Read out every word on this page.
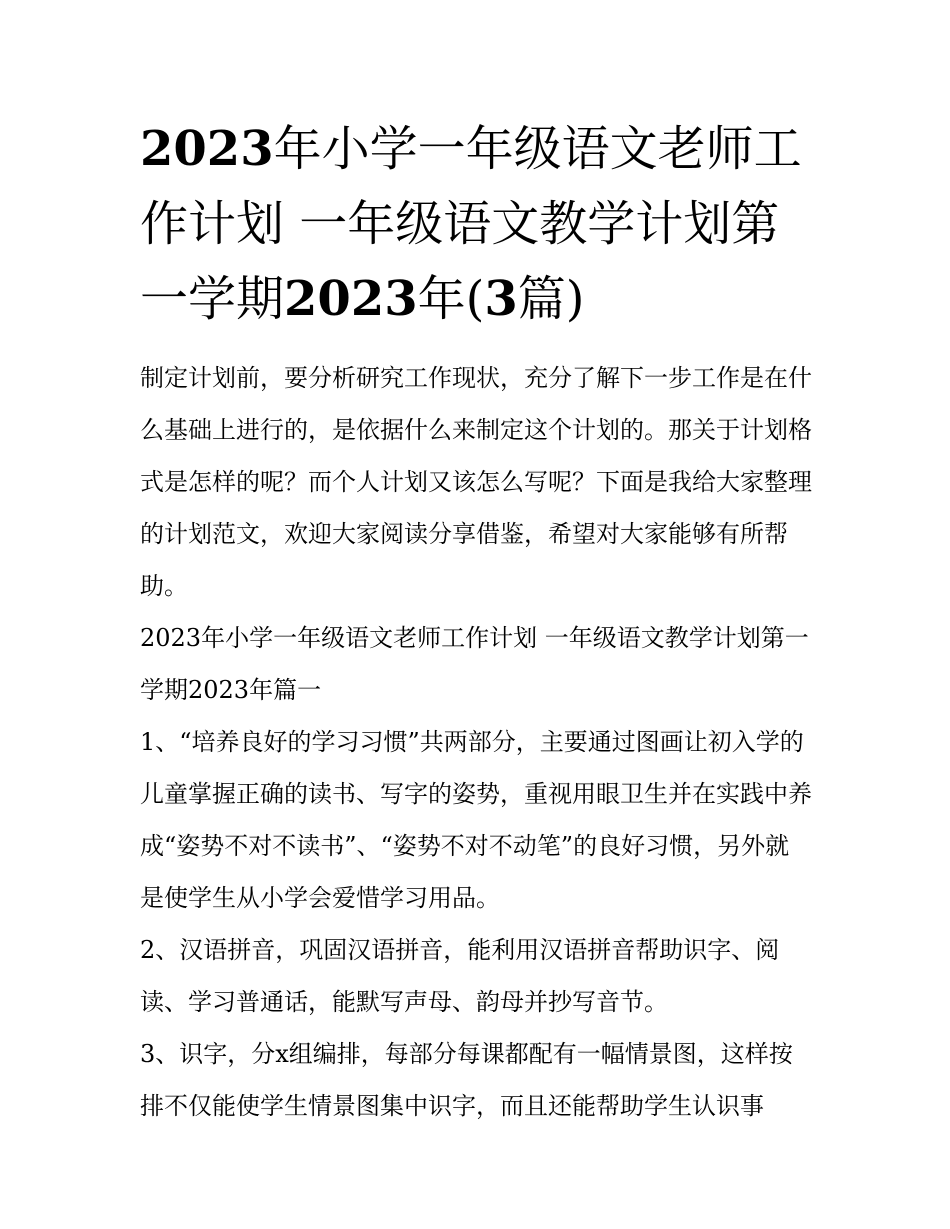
2023年小学一年级语文老师工作计划 一年级语文教学计划第一学期2023年(3篇)

制定计划前，要分析研究工作现状，充分了解下一步工作是在什么基础上进行的，是依据什么来制定这个计划的。那关于计划格式是怎样的呢？而个人计划又该怎么写呢？下面是我给大家整理的计划范文，欢迎大家阅读分享借鉴，希望对大家能够有所帮助。

2023年小学一年级语文老师工作计划 一年级语文教学计划第一学期2023年篇一

1、“培养良好的学习习惯”共两部分，主要通过图画让初入学的儿童掌握正确的读书、写字的姿势，重视用眼卫生并在实践中养成“姿势不对不读书”、“姿势不对不动笔”的良好习惯，另外就是使学生从小学会爱惜学习用品。

2、汉语拼音，巩固汉语拼音，能利用汉语拼音帮助识字、阅读、学习普通话，能默写声母、韵母并抄写音节。

3、识字，分x组编排，每部分每课都配有一幅情景图，这样按排不仅能使学生情景图集中识字，而且还能帮助学生认识事
